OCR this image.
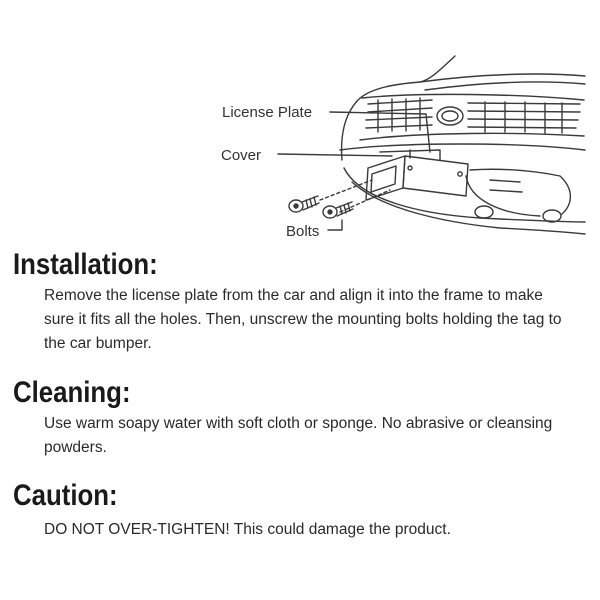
License Plate
Cover
Bolts
Installation:

Remove the license plate from the car and align it into the frame to make sure it fits all the holes. Then, unscrew the mounting bolts holding the tag to the car bumper.

Cleaning:

Use warm soapy water with soft cloth or sponge. No abrasive or cleansing powders.

Caution:

DO NOT OVER-TIGHTEN! This could damage the product.
